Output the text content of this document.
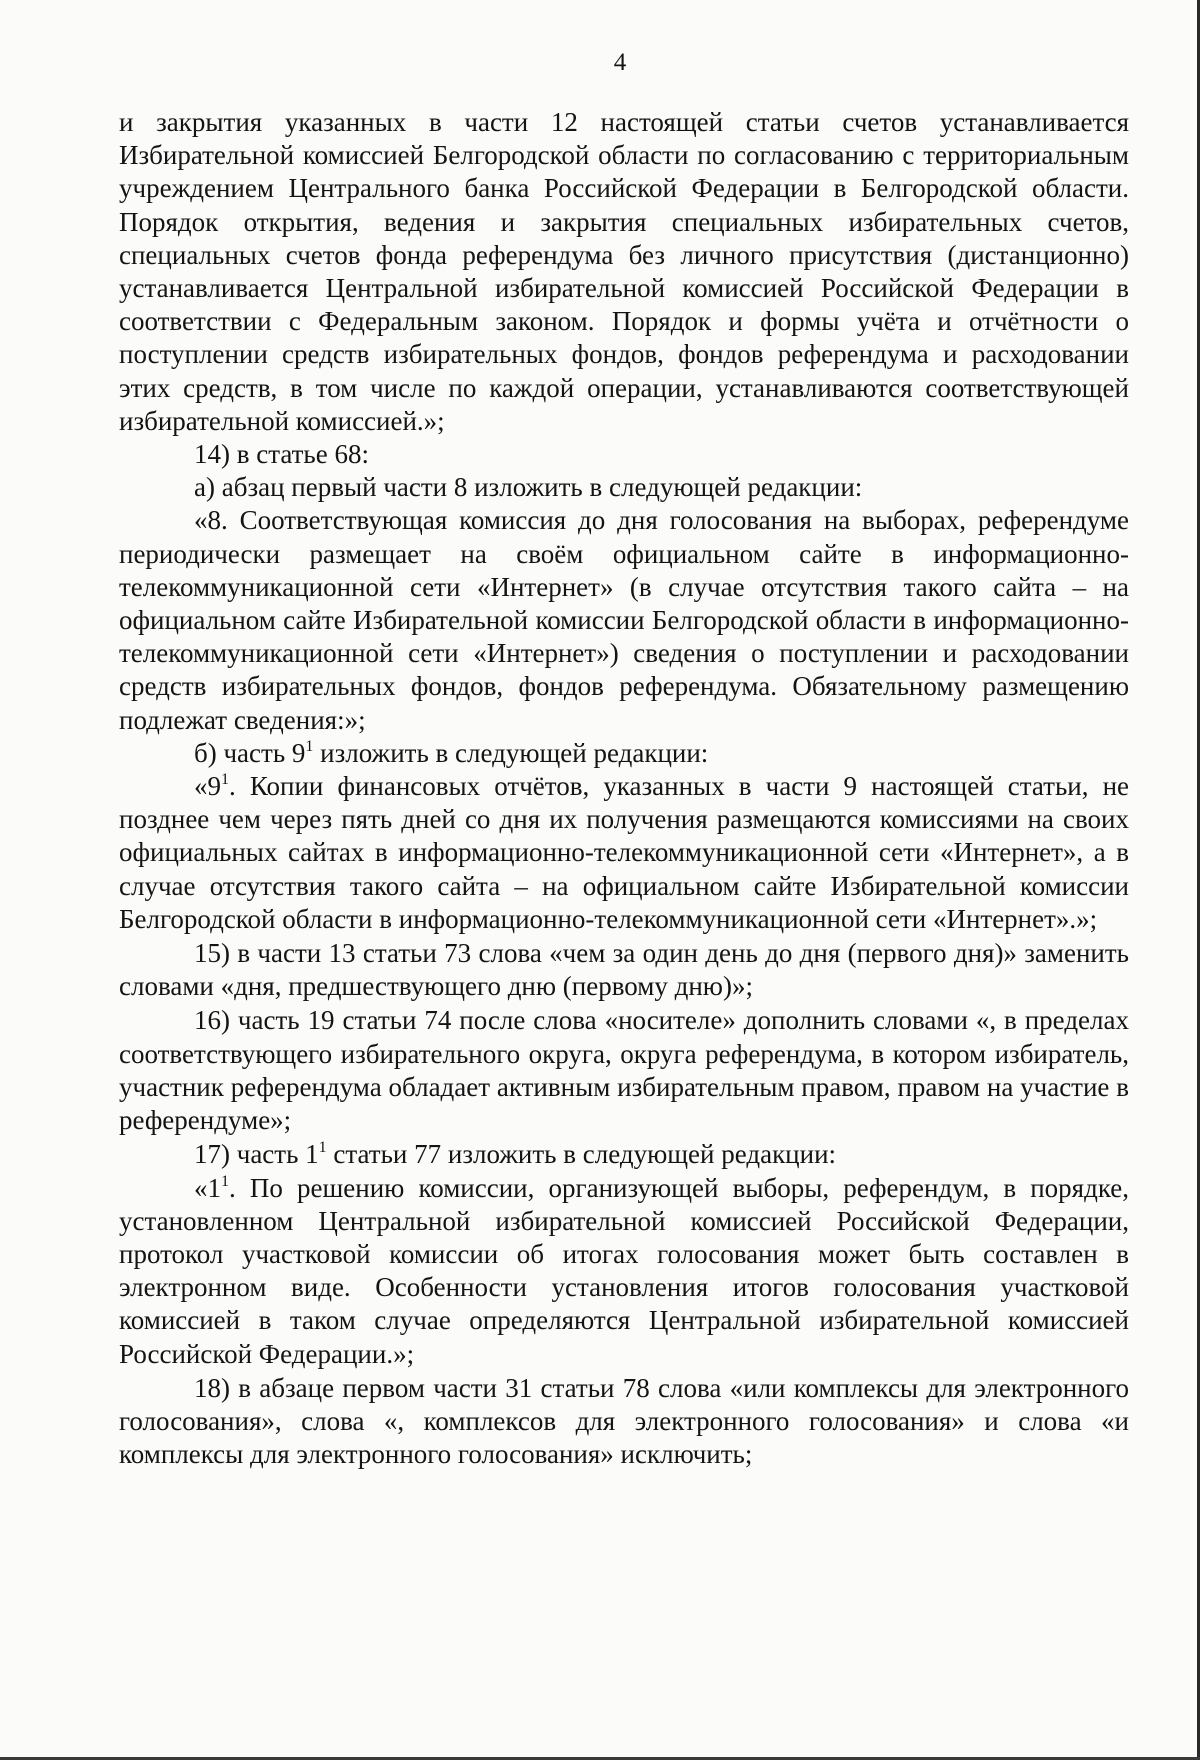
4

и закрытия указанных в части 12 настоящей статьи счетов устанавливается Избирательной комиссией Белгородской области по согласованию с территориальным учреждением Центрального банка Российской Федерации в Белгородской области. Порядок открытия, ведения и закрытия специальных избирательных счетов, специальных счетов фонда референдума без личного присутствия (дистанционно) устанавливается Центральной избирательной комиссией Российской Федерации в соответствии с Федеральным законом. Порядок и формы учёта и отчётности о поступлении средств избирательных фондов, фондов референдума и расходовании этих средств, в том числе по каждой операции, устанавливаются соответствующей избирательной комиссией.»;

14) в статье 68:

а) абзац первый части 8 изложить в следующей редакции:

«8. Соответствующая комиссия до дня голосования на выборах, референдуме периодически размещает на своём официальном сайте в информационно-телекоммуникационной сети «Интернет» (в случае отсутствия такого сайта – на официальном сайте Избирательной комиссии Белгородской области в информационно-телекоммуникационной сети «Интернет») сведения о поступлении и расходовании средств избирательных фондов, фондов референдума. Обязательному размещению подлежат сведения:»;

б) часть $9^1$ изложить в следующей редакции:

«$9^1$. Копии финансовых отчётов, указанных в части 9 настоящей статьи, не позднее чем через пять дней со дня их получения размещаются комиссиями на своих официальных сайтах в информационно-телекоммуникационной сети «Интернет», а в случае отсутствия такого сайта – на официальном сайте Избирательной комиссии Белгородской области в информационно-телекоммуникационной сети «Интернет».»;

15) в части 13 статьи 73 слова «чем за один день до дня (первого дня)» заменить словами «дня, предшествующего дню (первому дню)»;

16) часть 19 статьи 74 после слова «носителе» дополнить словами «, в пределах соответствующего избирательного округа, округа референдума, в котором избиратель, участник референдума обладает активным избирательным правом, правом на участие в референдуме»;

17) часть $1^1$ статьи 77 изложить в следующей редакции:

«$1^1$. По решению комиссии, организующей выборы, референдум, в порядке, установленном Центральной избирательной комиссией Российской Федерации, протокол участковой комиссии об итогах голосования может быть составлен в электронном виде. Особенности установления итогов голосования участковой комиссией в таком случае определяются Центральной избирательной комиссией Российской Федерации.»;

18) в абзаце первом части 31 статьи 78 слова «или комплексы для электронного голосования», слова «, комплексов для электронного голосования» и слова «и комплексы для электронного голосования» исключить;
